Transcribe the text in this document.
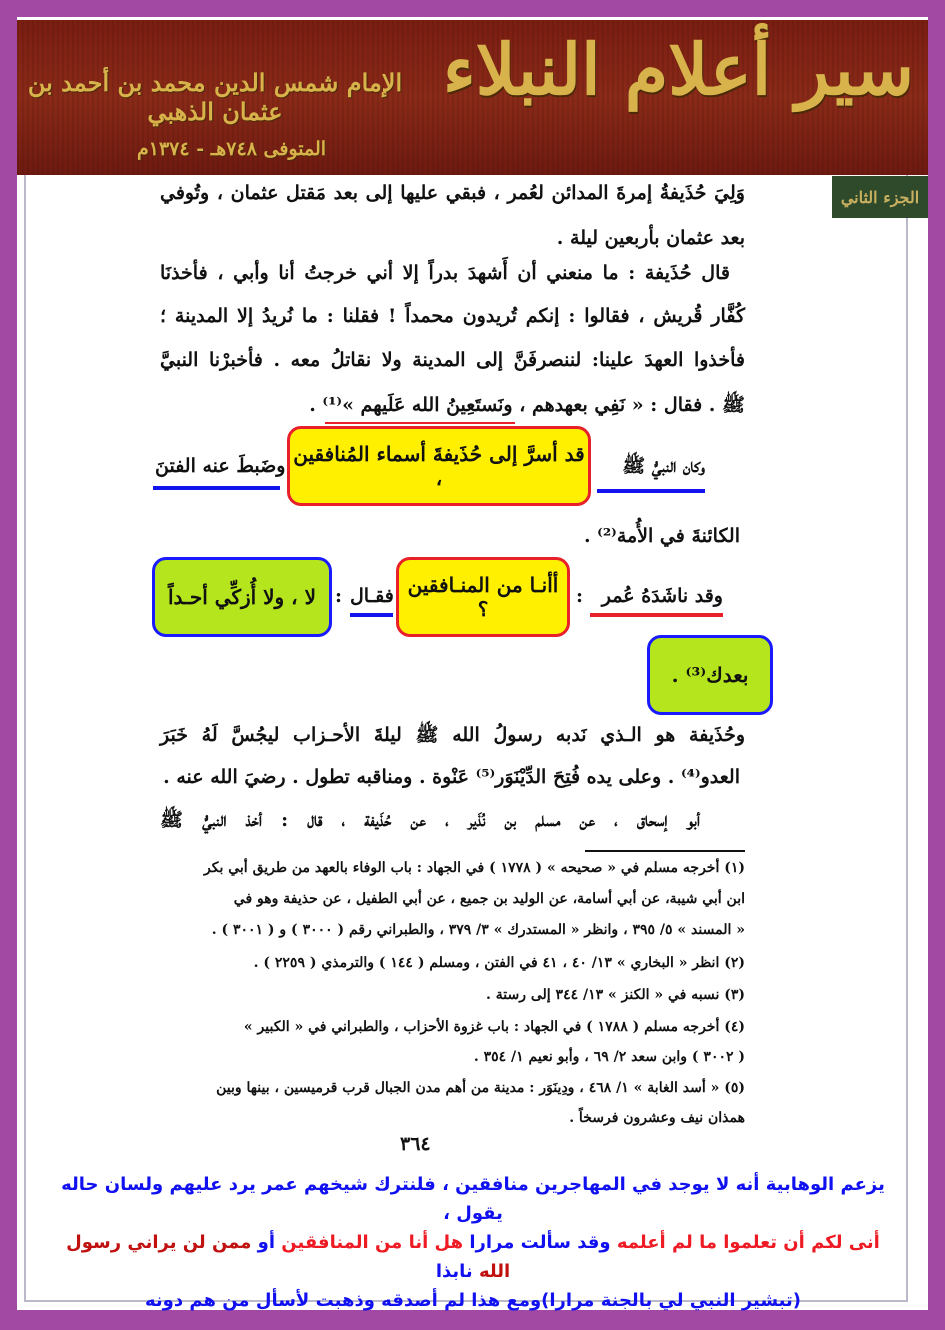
سير أعلام النبلاء
الإمام شمس الدين محمد بن أحمد بن عثمان الذهبي
المتوفى ٧٤٨هـ - ١٣٧٤م
الجزء الثاني
وَلِيَ حُذَيفةُ إمرةَ المدائن لعُمر ، فبقي عليها إلى بعد مَقتل عثمان ، وتُوفي
بعد عثمان بأربعين ليلة .
قال حُذَيفة : ما منعني أن أَشهدَ بدراً إلا أني خرجتُ أنا وأبي ، فأخذنَا
كُفَّار قُريش ، فقالوا : إنكم تُريدون محمداً ! فقلنا : ما نُريدُ إلا المدينة ؛
فأخذوا العهدَ علينا: لننصرفَنَّ إلى المدينة ولا نقاتلُ معه . فأخبرْنا النبيَّ
ﷺ . فقال : « نَفِي بعهدهم ، ونَستَعِينُ الله عَلَيهم »⁽¹⁾ .
وكان النبيُّ ﷺ
قد أسرَّ إلى حُذَيفةَ أسماء المُنافقين ،
وضَبطَ عنه الفتنَ
الكائنةَ في الأُمة⁽²⁾ .
وقد ناشَدَهُ عُمر
:
أأنـا من المنـافقين ؟
فقـال
:
لا ، ولا أُزكِّي أحـداً
بعدك⁽³⁾ .
وحُذَيفة هو الـذي نَدبه رسولُ الله ﷺ ليلةَ الأحـزاب ليجُسَّ لَهُ خَبَرَ
العدو⁽⁴⁾ . وعلى يده فُتِحَ الدِّيْنَوَر⁽⁵⁾ عَنْوة . ومناقبه تطول . رضيَ الله عنه .
أبو إسحاق ، عن مسلم بن نُذَير ، عن حُذَيفة ، قال : أخذ النبيُّ ﷺ
(١) أخرجه مسلم في « صحيحه » ( ١٧٧٨ ) في الجهاد : باب الوفاء بالعهد من طريق أبي بكر
ابن أبي شيبة، عن أبي أسامة، عن الوليد بن جميع ، عن أبي الطفيل ، عن حذيفة وهو في
« المسند » ٥/ ٣٩٥ ، وانظر « المستدرك » ٣/ ٣٧٩ ، والطبراني رقم ( ٣٠٠٠ ) و ( ٣٠٠١ ) .
(٢) انظر « البخاري » ١٣/ ٤٠ ، ٤١ في الفتن ، ومسلم ( ١٤٤ ) والترمذي ( ٢٢٥٩ ) .
(٣) نسبه في « الكنز » ١٣/ ٣٤٤ إلى رستة .
(٤) أخرجه مسلم ( ١٧٨٨ ) في الجهاد : باب غزوة الأحزاب ، والطبراني في « الكبير »
( ٣٠٠٢ ) وابن سعد ٢/ ٦٩ ، وأبو نعيم ١/ ٣٥٤ .
(٥) « أسد الغابة » ١/ ٤٦٨ ، ودِينَوَر : مدينة من أهم مدن الجبال قرب قرميسين ، بينها وبين
همذان نيف وعشرون فرسخاً .
٣٦٤
يزعم الوهابية أنه لا يوجد في المهاجرين منافقين ، فلنترك شيخهم عمر يرد عليهم ولسان حاله يقول ،
أنى لكم أن تعلموا ما لم أعلمه وقد سألت مرارا هل أنا من المنافقين أو ممن لن يراني رسول الله نابذا
(تبشير النبي لي بالجنة مرارا)ومع هذا لم أصدقه وذهبت لأسأل من هم دونه
